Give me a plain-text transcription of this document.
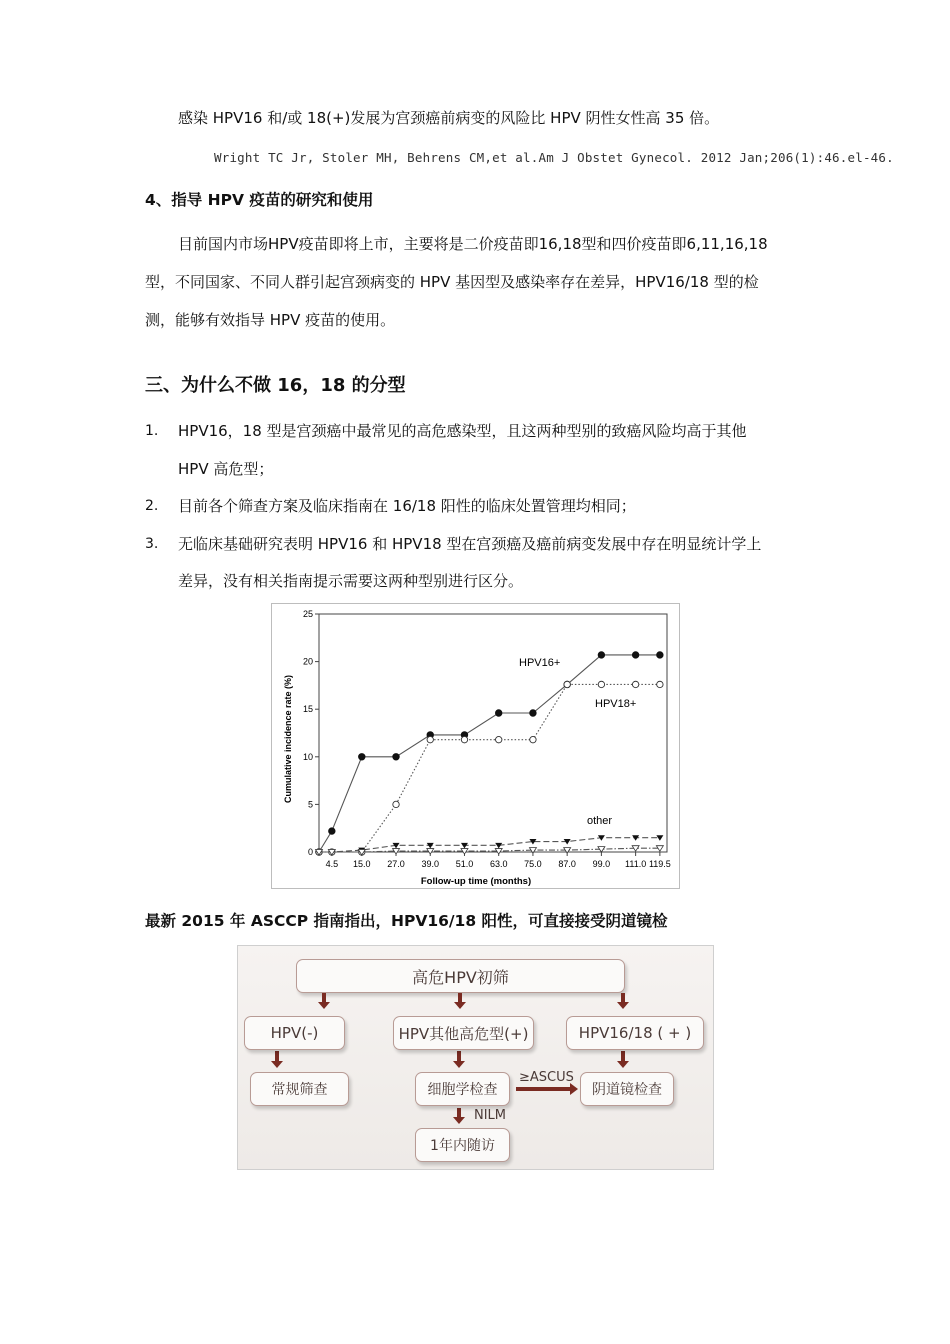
感染 HPV16 和/或 18(+)发展为宫颈癌前病变的风险比 HPV 阴性女性高 35 倍。
Wright TC Jr, Stoler MH, Behrens CM,et al.Am J Obstet Gynecol. 2012 Jan;206(1):46.el-46.
4、指导 HPV 疫苗的研究和使用
目前国内市场HPV疫苗即将上市，主要将是二价疫苗即16,18型和四价疫苗即6,11,16,18
型，不同国家、不同人群引起宫颈病变的 HPV 基因型及感染率存在差异，HPV16/18 型的检
测，能够有效指导 HPV 疫苗的使用。
三、为什么不做 16，18 的分型
1. HPV16，18 型是宫颈癌中最常见的高危感染型，且这两种型别的致癌风险均高于其他
HPV 高危型；
2. 目前各个筛查方案及临床指南在 16/18 阳性的临床处置管理均相同；
3. 无临床基础研究表明 HPV16 和 HPV18 型在宫颈癌及癌前病变发展中存在明显统计学上
差异，没有相关指南提示需要这两种型别进行区分。
0
5
10
15
20
25
4.5 15.0 27.0 39.0 51.0 63.0 75.0 87.0 99.0 111.0 119.5
Cumulative incidence rate (%)
Follow-up time (months)
HPV16+
HPV18+
other
最新 2015 年 ASCCP 指南指出，HPV16/18 阳性，可直接接受阴道镜检
高危HPV初筛
HPV(-)	HPV其他高危型(+)	HPV16/18 ( + )
常规筛查	细胞学检查	阴道镜检查
1年内随访
≥ASCUS
NILM
